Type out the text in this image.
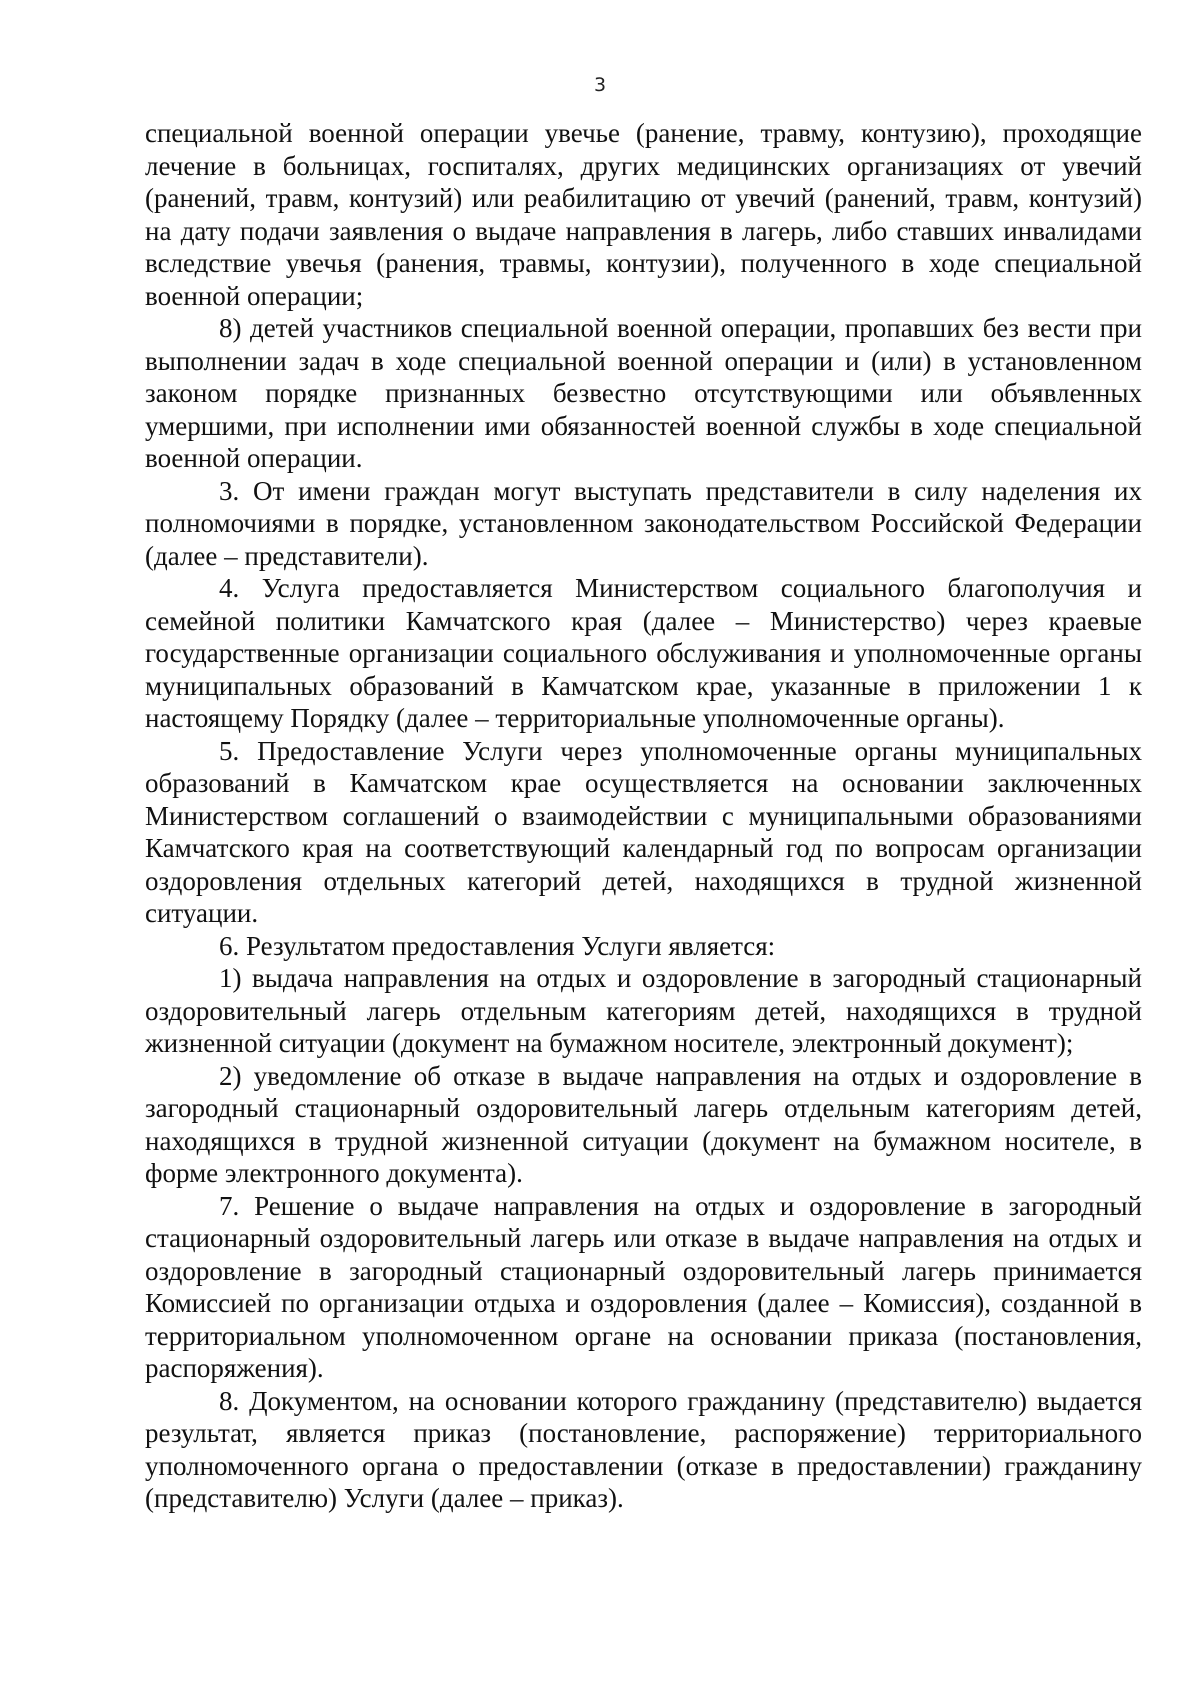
3

специальной военной операции увечье (ранение, травму, контузию), проходящие лечение в больницах, госпиталях, других медицинских организациях от увечий (ранений, травм, контузий) или реабилитацию от увечий (ранений, травм, контузий) на дату подачи заявления о выдаче направления в лагерь, либо ставших инвалидами вследствие увечья (ранения, травмы, контузии), полученного в ходе специальной военной операции;

8) детей участников специальной военной операции, пропавших без вести при выполнении задач в ходе специальной военной операции и (или) в установленном законом порядке признанных безвестно отсутствующими или объявленных умершими, при исполнении ими обязанностей военной службы в ходе специальной военной операции.

3. От имени граждан могут выступать представители в силу наделения их полномочиями в порядке, установленном законодательством Российской Федерации (далее – представители).

4. Услуга предоставляется Министерством социального благополучия и семейной политики Камчатского края (далее – Министерство) через краевые государственные организации социального обслуживания и уполномоченные органы муниципальных образований в Камчатском крае, указанные в приложении 1 к настоящему Порядку (далее – территориальные уполномоченные органы).

5. Предоставление Услуги через уполномоченные органы муниципальных образований в Камчатском крае осуществляется на основании заключенных Министерством соглашений о взаимодействии с муниципальными образованиями Камчатского края на соответствующий календарный год по вопросам организации оздоровления отдельных категорий детей, находящихся в трудной жизненной ситуации.

6. Результатом предоставления Услуги является:

1) выдача направления на отдых и оздоровление в загородный стационарный оздоровительный лагерь отдельным категориям детей, находящихся в трудной жизненной ситуации (документ на бумажном носителе, электронный документ);

2) уведомление об отказе в выдаче направления на отдых и оздоровление в загородный стационарный оздоровительный лагерь отдельным категориям детей, находящихся в трудной жизненной ситуации (документ на бумажном носителе, в форме электронного документа).

7. Решение о выдаче направления на отдых и оздоровление в загородный стационарный оздоровительный лагерь или отказе в выдаче направления на отдых и оздоровление в загородный стационарный оздоровительный лагерь принимается Комиссией по организации отдыха и оздоровления (далее – Комиссия), созданной в территориальном уполномоченном органе на основании приказа (постановления, распоряжения).

8. Документом, на основании которого гражданину (представителю) выдается результат, является приказ (постановление, распоряжение) территориального уполномоченного органа о предоставлении (отказе в предоставлении) гражданину (представителю) Услуги (далее – приказ).
